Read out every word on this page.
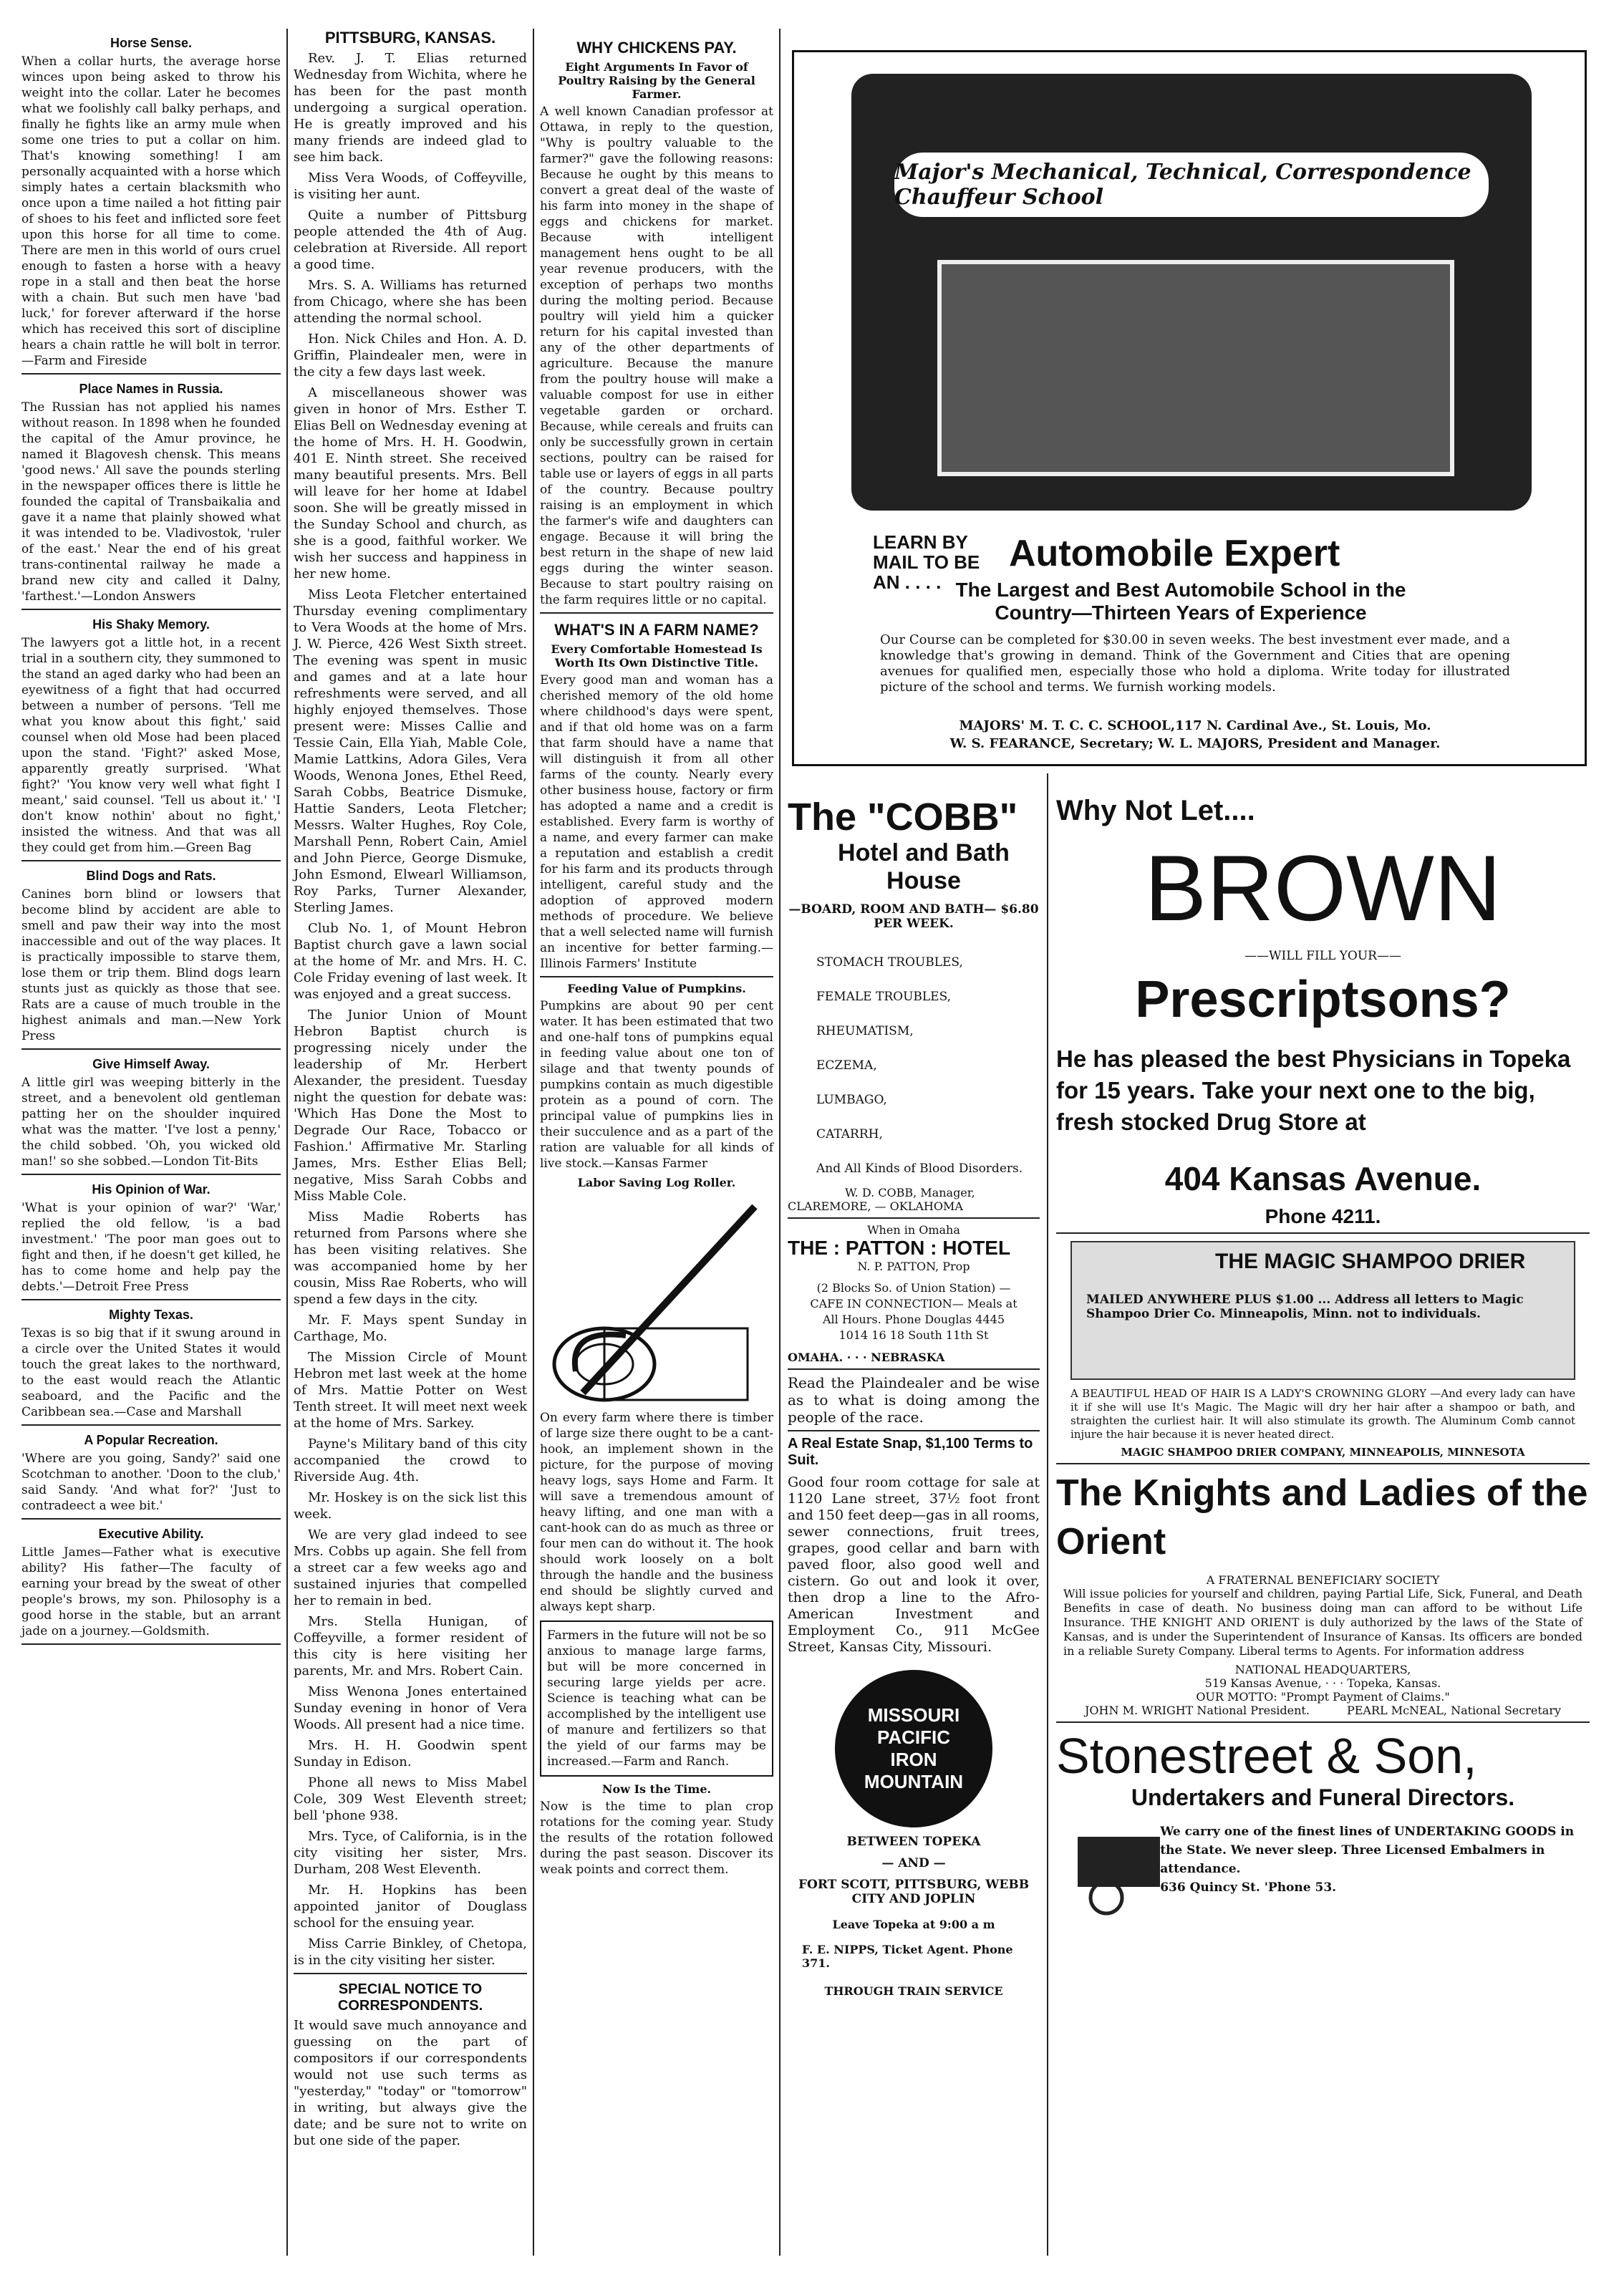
Horse Sense.

When a collar hurts, the average horse winces upon being asked to throw his weight into the collar. Later he becomes what we foolishly call balky perhaps, and finally he fights like an army mule when some one tries to put a collar on him. That's knowing something! I am personally acquainted with a horse which simply hates a certain blacksmith who once upon a time nailed a hot fitting pair of shoes to his feet and inflicted sore feet upon this horse for all time to come. There are men in this world of ours cruel enough to fasten a horse with a heavy rope in a stall and then beat the horse with a chain. But such men have 'bad luck,' for forever afterward if the horse which has received this sort of discipline hears a chain rattle he will bolt in terror.—Farm and Fireside

Place Names in Russia.

The Russian has not applied his names without reason. In 1898 when he founded the capital of the Amur province, he named it Blagovesh chensk. This means 'good news.' All save the pounds sterling in the newspaper offices there is little he founded the capital of Transbaikalia and gave it a name that plainly showed what it was intended to be. Vladivostok, 'ruler of the east.' Near the end of his great trans-continental railway he made a brand new city and called it Dalny, 'farthest.'—London Answers

His Shaky Memory.

The lawyers got a little hot, in a recent trial in a southern city, they summoned to the stand an aged darky who had been an eyewitness of a fight that had occurred between a number of persons. 'Tell me what you know about this fight,' said counsel when old Mose had been placed upon the stand. 'Fight?' asked Mose, apparently greatly surprised. 'What fight?' 'You know very well what fight I meant,' said counsel. 'Tell us about it.' 'I don't know nothin' about no fight,' insisted the witness. And that was all they could get from him.—Green Bag

Blind Dogs and Rats.

Canines born blind or lowsers that become blind by accident are able to smell and paw their way into the most inaccessible and out of the way places. It is practically impossible to starve them, lose them or trip them. Blind dogs learn stunts just as quickly as those that see. Rats are a cause of much trouble in the highest animals and man.—New York Press

Give Himself Away.

A little girl was weeping bitterly in the street, and a benevolent old gentleman patting her on the shoulder inquired what was the matter. 'I've lost a penny,' the child sobbed. 'Oh, you wicked old man!' so she sobbed.—London Tit-Bits

His Opinion of War.

'What is your opinion of war?' 'War,' replied the old fellow, 'is a bad investment.' 'The poor man goes out to fight and then, if he doesn't get killed, he has to come home and help pay the debts.'—Detroit Free Press

Mighty Texas.

Texas is so big that if it swung around in a circle over the United States it would touch the great lakes to the northward, to the east would reach the Atlantic seaboard, and the Pacific and the Caribbean sea.—Case and Marshall

A Popular Recreation.

'Where are you going, Sandy?' said one Scotchman to another. 'Doon to the club,' said Sandy. 'And what for?' 'Just to contradeect a wee bit.'

Executive Ability.

Little James—Father what is executive ability? His father—The faculty of earning your bread by the sweat of other people's brows, my son. Philosophy is a good horse in the stable, but an arrant jade on a journey.—Goldsmith.

PITTSBURG, KANSAS.

Rev. J. T. Elias returned Wednesday from Wichita, where he has been for the past month undergoing a surgical operation. He is greatly improved and his many friends are indeed glad to see him back.

Miss Vera Woods, of Coffeyville, is visiting her aunt.

Quite a number of Pittsburg people attended the 4th of Aug. celebration at Riverside. All report a good time.

Mrs. S. A. Williams has returned from Chicago, where she has been attending the normal school.

Hon. Nick Chiles and Hon. A. D. Griffin, Plaindealer men, were in the city a few days last week.

A miscellaneous shower was given in honor of Mrs. Esther T. Elias Bell on Wednesday evening at the home of Mrs. H. H. Goodwin, 401 E. Ninth street. She received many beautiful presents. Mrs. Bell will leave for her home at Idabel soon. She will be greatly missed in the Sunday School and church, as she is a good, faithful worker. We wish her success and happiness in her new home.

Miss Leota Fletcher entertained Thursday evening complimentary to Vera Woods at the home of Mrs. J. W. Pierce, 426 West Sixth street. The evening was spent in music and games and at a late hour refreshments were served, and all highly enjoyed themselves. Those present were: Misses Callie and Tessie Cain, Ella Yiah, Mable Cole, Mamie Lattkins, Adora Giles, Vera Woods, Wenona Jones, Ethel Reed, Sarah Cobbs, Beatrice Dismuke, Hattie Sanders, Leota Fletcher; Messrs. Walter Hughes, Roy Cole, Marshall Penn, Robert Cain, Amiel and John Pierce, George Dismuke, John Esmond, Elwearl Williamson, Roy Parks, Turner Alexander, Sterling James.

Club No. 1, of Mount Hebron Baptist church gave a lawn social at the home of Mr. and Mrs. H. C. Cole Friday evening of last week. It was enjoyed and a great success.

The Junior Union of Mount Hebron Baptist church is progressing nicely under the leadership of Mr. Herbert Alexander, the president. Tuesday night the question for debate was: 'Which Has Done the Most to Degrade Our Race, Tobacco or Fashion.' Affirmative Mr. Starling James, Mrs. Esther Elias Bell; negative, Miss Sarah Cobbs and Miss Mable Cole.

Miss Madie Roberts has returned from Parsons where she has been visiting relatives. She was accompanied home by her cousin, Miss Rae Roberts, who will spend a few days in the city.

Mr. F. Mays spent Sunday in Carthage, Mo.

The Mission Circle of Mount Hebron met last week at the home of Mrs. Mattie Potter on West Tenth street. It will meet next week at the home of Mrs. Sarkey.

Payne's Military band of this city accompanied the crowd to Riverside Aug. 4th.

Mr. Hoskey is on the sick list this week.

We are very glad indeed to see Mrs. Cobbs up again. She fell from a street car a few weeks ago and sustained injuries that compelled her to remain in bed.

Mrs. Stella Hunigan, of Coffeyville, a former resident of this city is here visiting her parents, Mr. and Mrs. Robert Cain.

Miss Wenona Jones entertained Sunday evening in honor of Vera Woods. All present had a nice time.

Mrs. H. H. Goodwin spent Sunday in Edison.

Phone all news to Miss Mabel Cole, 309 West Eleventh street; bell 'phone 938.

Mrs. Tyce, of California, is in the city visiting her sister, Mrs. Durham, 208 West Eleventh.

Mr. H. Hopkins has been appointed janitor of Douglass school for the ensuing year.

Miss Carrie Binkley, of Chetopa, is in the city visiting her sister.

SPECIAL NOTICE TO CORRESPONDENTS.

It would save much annoyance and guessing on the part of compositors if our correspondents would not use such terms as "yesterday," "today" or "tomorrow" in writing, but always give the date; and be sure not to write on but one side of the paper.

WHY CHICKENS PAY.
Eight Arguments In Favor of Poultry Raising by the General Farmer.

A well known Canadian professor at Ottawa, in reply to the question, "Why is poultry valuable to the farmer?" gave the following reasons: Because he ought by this means to convert a great deal of the waste of his farm into money in the shape of eggs and chickens for market. Because with intelligent management hens ought to be all year revenue producers, with the exception of perhaps two months during the molting period. Because poultry will yield him a quicker return for his capital invested than any of the other departments of agriculture. Because the manure from the poultry house will make a valuable compost for use in either vegetable garden or orchard. Because, while cereals and fruits can only be successfully grown in certain sections, poultry can be raised for table use or layers of eggs in all parts of the country. Because poultry raising is an employment in which the farmer's wife and daughters can engage. Because it will bring the best return in the shape of new laid eggs during the winter season. Because to start poultry raising on the farm requires little or no capital.

WHAT'S IN A FARM NAME?
Every Comfortable Homestead Is Worth Its Own Distinctive Title.

Every good man and woman has a cherished memory of the old home where childhood's days were spent, and if that old home was on a farm that farm should have a name that will distinguish it from all other farms of the county. Nearly every other business house, factory or firm has adopted a name and a credit is established. Every farm is worthy of a name, and every farmer can make a reputation and establish a credit for his farm and its products through intelligent, careful study and the adoption of approved modern methods of procedure. We believe that a well selected name will furnish an incentive for better farming.—Illinois Farmers' Institute

Feeding Value of Pumpkins.

Pumpkins are about 90 per cent water. It has been estimated that two and one-half tons of pumpkins equal in feeding value about one ton of silage and that twenty pounds of pumpkins contain as much digestible protein as a pound of corn. The principal value of pumpkins lies in their succulence and as a part of the ration are valuable for all kinds of live stock.—Kansas Farmer

Labor Saving Log Roller.

On every farm where there is timber of large size there ought to be a cant-hook, an implement shown in the picture, for the purpose of moving heavy logs, says Home and Farm. It will save a tremendous amount of heavy lifting, and one man with a cant-hook can do as much as three or four men can do without it. The hook should work loosely on a bolt through the handle and the business end should be slightly curved and always kept sharp.

Farmers in the future will not be so anxious to manage large farms, but will be more concerned in securing large yields per acre. Science is teaching what can be accomplished by the intelligent use of manure and fertilizers so that the yield of our farms may be increased.—Farm and Ranch.

Now Is the Time.

Now is the time to plan crop rotations for the coming year. Study the results of the rotation followed during the past season. Discover its weak points and correct them.

Major's Mechanical, Technical, Correspondence Chauffeur School
LEARN BY MAIL TO BE AN . . . .
Automobile Expert
The Largest and Best Automobile School in the Country—Thirteen Years of Experience
Our Course can be completed for $30.00 in seven weeks. The best investment ever made, and a knowledge that's growing in demand. Think of the Government and Cities that are opening avenues for qualified men, especially those who hold a diploma. Write today for illustrated picture of the school and terms. We furnish working models.
MAJORS' M. T. C. C. SCHOOL,117 N. Cardinal Ave., St. Louis, Mo.
W. S. FEARANCE, Secretary; W. L. MAJORS, President and Manager.
The "COBB"
Hotel and Bath House
—BOARD, ROOM AND BATH— $6.80 PER WEEK.
STOMACH TROUBLES,
FEMALE TROUBLES,
RHEUMATISM,
ECZEMA,
LUMBAGO,
CATARRH,
And All Kinds of Blood Disorders.
W. D. COBB, Manager,
CLAREMORE, — OKLAHOMA
When in Omaha
THE : PATTON : HOTEL
N. P. PATTON, Prop
(2 Blocks So. of Union Station) —CAFE IN CONNECTION— Meals at All Hours. Phone Douglas 4445 1014 16 18 South 11th St
OMAHA. · · · NEBRASKA

Read the Plaindealer and be wise as to what is doing among the people of the race.

A Real Estate Snap, $1,100 Terms to Suit.

Good four room cottage for sale at 1120 Lane street, 37½ foot front and 150 feet deep—gas in all rooms, sewer connections, fruit trees, grapes, good cellar and barn with paved floor, also good well and cistern. Go out and look it over, then drop a line to the Afro-American Investment and Employment Co., 911 McGee Street, Kansas City, Missouri.

MISSOURI
PACIFIC
IRON
MOUNTAIN
BETWEEN TOPEKA
— AND —
FORT SCOTT, PITTSBURG, WEBB CITY AND JOPLIN
Leave Topeka at 9:00 a m
F. E. NIPPS, Ticket Agent. Phone 371.
THROUGH TRAIN SERVICE
Why Not Let....
BROWN
——WILL FILL YOUR——
Prescriptsons?
He has pleased the best Physicians in Topeka for 15 years. Take your next one to the big, fresh stocked Drug Store at
404 Kansas Avenue.
Phone 4211.
THE MAGIC SHAMPOO DRIER
MAILED ANYWHERE PLUS $1.00 ... Address all letters to Magic Shampoo Drier Co. Minneapolis, Minn. not to individuals.

A BEAUTIFUL HEAD OF HAIR IS A LADY'S CROWNING GLORY —And every lady can have it if she will use It's Magic. The Magic will dry her hair after a shampoo or bath, and straighten the curliest hair. It will also stimulate its growth. The Aluminum Comb cannot injure the hair because it is never heated direct.

MAGIC SHAMPOO DRIER COMPANY, MINNEAPOLIS, MINNESOTA
The Knights and Ladies of the Orient
A FRATERNAL BENEFICIARY SOCIETY

Will issue policies for yourself and children, paying Partial Life, Sick, Funeral, and Death Benefits in case of death. No business doing man can afford to be without Life Insurance. THE KNIGHT AND ORIENT is duly authorized by the laws of the State of Kansas, and is under the Superintendent of Insurance of Kansas. Its officers are bonded in a reliable Surety Company. Liberal terms to Agents. For information address

NATIONAL HEADQUARTERS,
519 Kansas Avenue, · · · Topeka, Kansas.
OUR MOTTO: "Prompt Payment of Claims."
JOHN M. WRIGHT National President.	PEARL McNEAL, National Secretary
Stonestreet & Son,
Undertakers and Funeral Directors.
We carry one of the finest lines of UNDERTAKING GOODS in the State. We never sleep. Three Licensed Embalmers in attendance.
636 Quincy St. 'Phone 53.
